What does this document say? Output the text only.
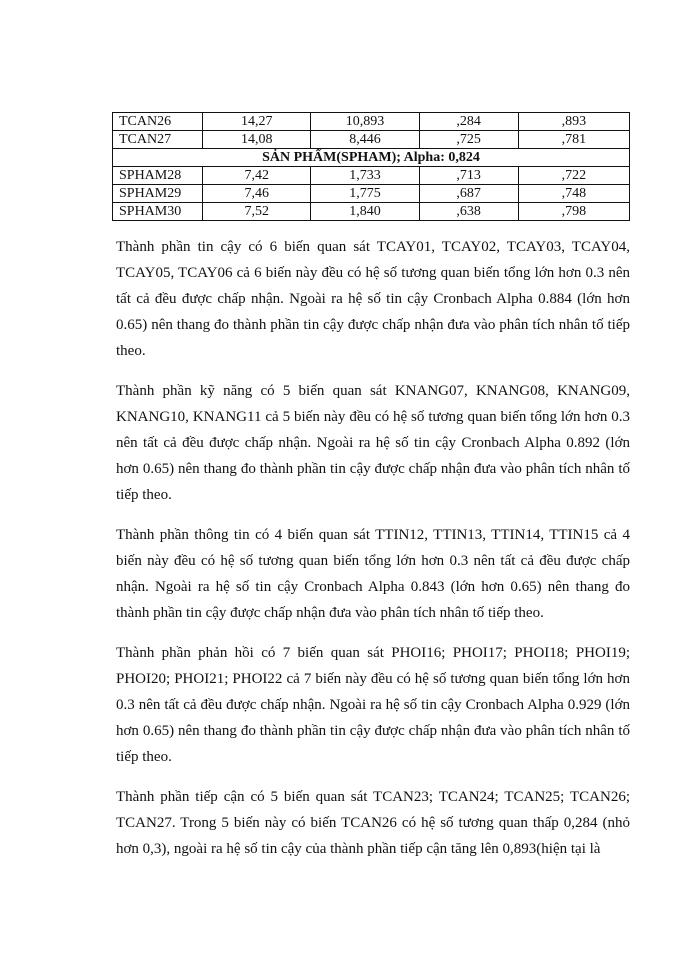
TCAN26	14,27	10,893	,284	,893
TCAN27	14,08	8,446	,725	,781
SẢN PHẨM(SPHAM); Alpha: 0,824				
SPHAM28	7,42	1,733	,713	,722
SPHAM29	7,46	1,775	,687	,748
SPHAM30	7,52	1,840	,638	,798

Thành phần tin cậy có 6 biến quan sát TCAY01, TCAY02, TCAY03, TCAY04, TCAY05, TCAY06 cả 6 biến này đều có hệ số tương quan biến tổng lớn hơn 0.3 nên tất cả đều được chấp nhận. Ngoài ra hệ số tin cậy Cronbach Alpha 0.884 (lớn hơn 0.65) nên thang đo thành phần tin cậy được chấp nhận đưa vào phân tích nhân tố tiếp theo.

Thành phần kỹ năng có 5 biến quan sát KNANG07, KNANG08, KNANG09, KNANG10, KNANG11 cả 5 biến này đều có hệ số tương quan biến tổng lớn hơn 0.3 nên tất cả đều được chấp nhận. Ngoài ra hệ số tin cậy Cronbach Alpha 0.892 (lớn hơn 0.65) nên thang đo thành phần tin cậy được chấp nhận đưa vào phân tích nhân tố tiếp theo.

Thành phần thông tin có 4 biến quan sát TTIN12, TTIN13, TTIN14, TTIN15 cả 4 biến này đều có hệ số tương quan biến tổng lớn hơn 0.3 nên tất cả đều được chấp nhận. Ngoài ra hệ số tin cậy Cronbach Alpha 0.843 (lớn hơn 0.65) nên thang đo thành phần tin cậy được chấp nhận đưa vào phân tích nhân tố tiếp theo.

Thành phần phản hồi có 7 biến quan sát PHOI16; PHOI17; PHOI18; PHOI19; PHOI20; PHOI21; PHOI22 cả 7 biến này đều có hệ số tương quan biến tổng lớn hơn 0.3 nên tất cả đều được chấp nhận. Ngoài ra hệ số tin cậy Cronbach Alpha 0.929 (lớn hơn 0.65) nên thang đo thành phần tin cậy được chấp nhận đưa vào phân tích nhân tố tiếp theo.

Thành phần tiếp cận có 5 biến quan sát TCAN23; TCAN24; TCAN25; TCAN26; TCAN27. Trong 5 biến này có biến TCAN26 có hệ số tương quan thấp 0,284 (nhỏ hơn 0,3), ngoài ra hệ số tin cậy của thành phần tiếp cận tăng lên 0,893(hiện tại là
